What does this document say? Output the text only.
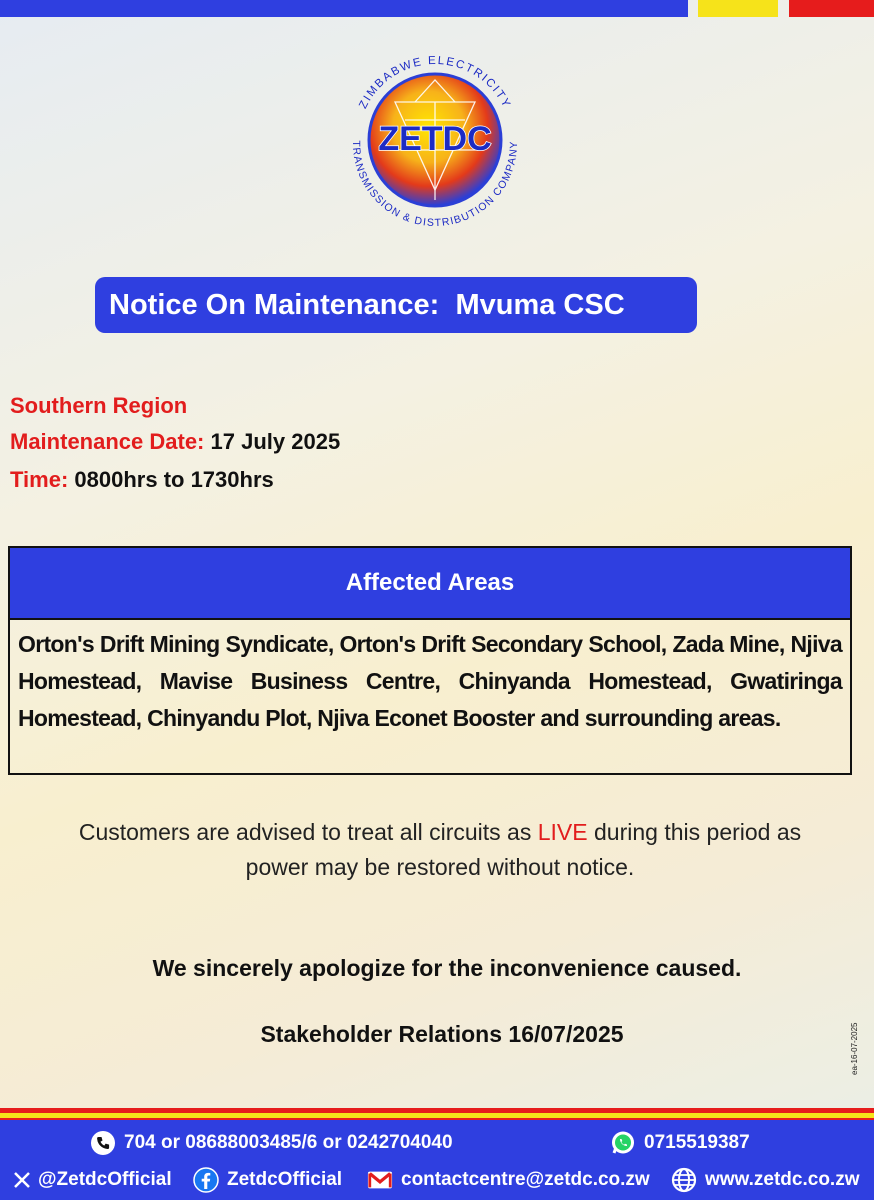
ZETDC
ZIMBABWE ELECTRICITY
TRANSMISSION & DISTRIBUTION COMPANY
Notice On Maintenance:  Mvuma CSC
Southern Region
Maintenance Date: 17 July 2025
Time: 0800hrs to 1730hrs
Affected Areas
Orton's Drift Mining Syndicate, Orton's Drift Secondary School, Zada Mine, Njiva Homestead, Mavise Business Centre, Chinyanda Homestead, Gwatiringa Homestead, Chinyandu Plot, Njiva Econet Booster and surrounding areas.
Customers are advised to treat all circuits as LIVE during this period as power may be restored without notice.
We sincerely apologize for the inconvenience caused.
Stakeholder Relations 16/07/2025	ea-16-07-2025
704 or 08688003485/6 or 0242704040	0715519387
@ZetdcOfficial	ZetdcOfficial	contactcentre@zetdc.co.zw	www.zetdc.co.zw
